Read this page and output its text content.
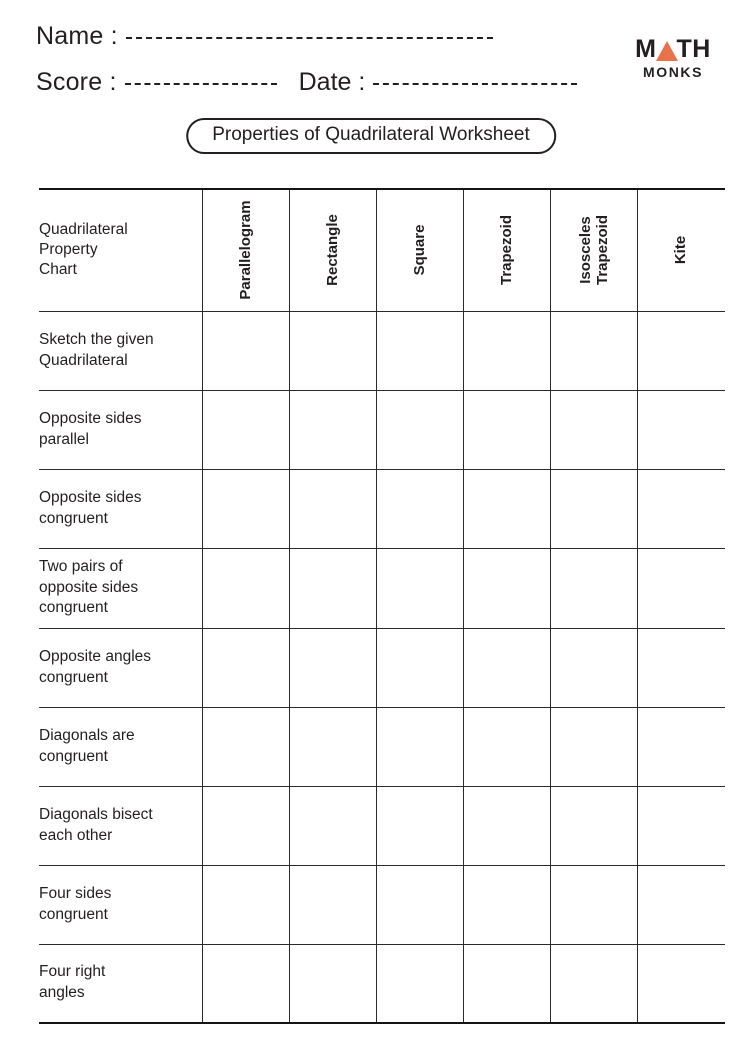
Name :
Score :	Date :
M TH
MONKS
Properties of Quadrilateral Worksheet
Quadrilateral
Property
Chart	Parallelogram	Rectangle	Square	Trapezoid	Isosceles Trapezoid	Kite

Sketch the given
Quadrilateral						

Opposite sides
parallel						

Opposite sides
congruent						

Two pairs of
opposite sides
congruent						

Opposite angles
congruent						

Diagonals are
congruent						

Diagonals bisect
each other						

Four sides
congruent						

Four right
angles						
